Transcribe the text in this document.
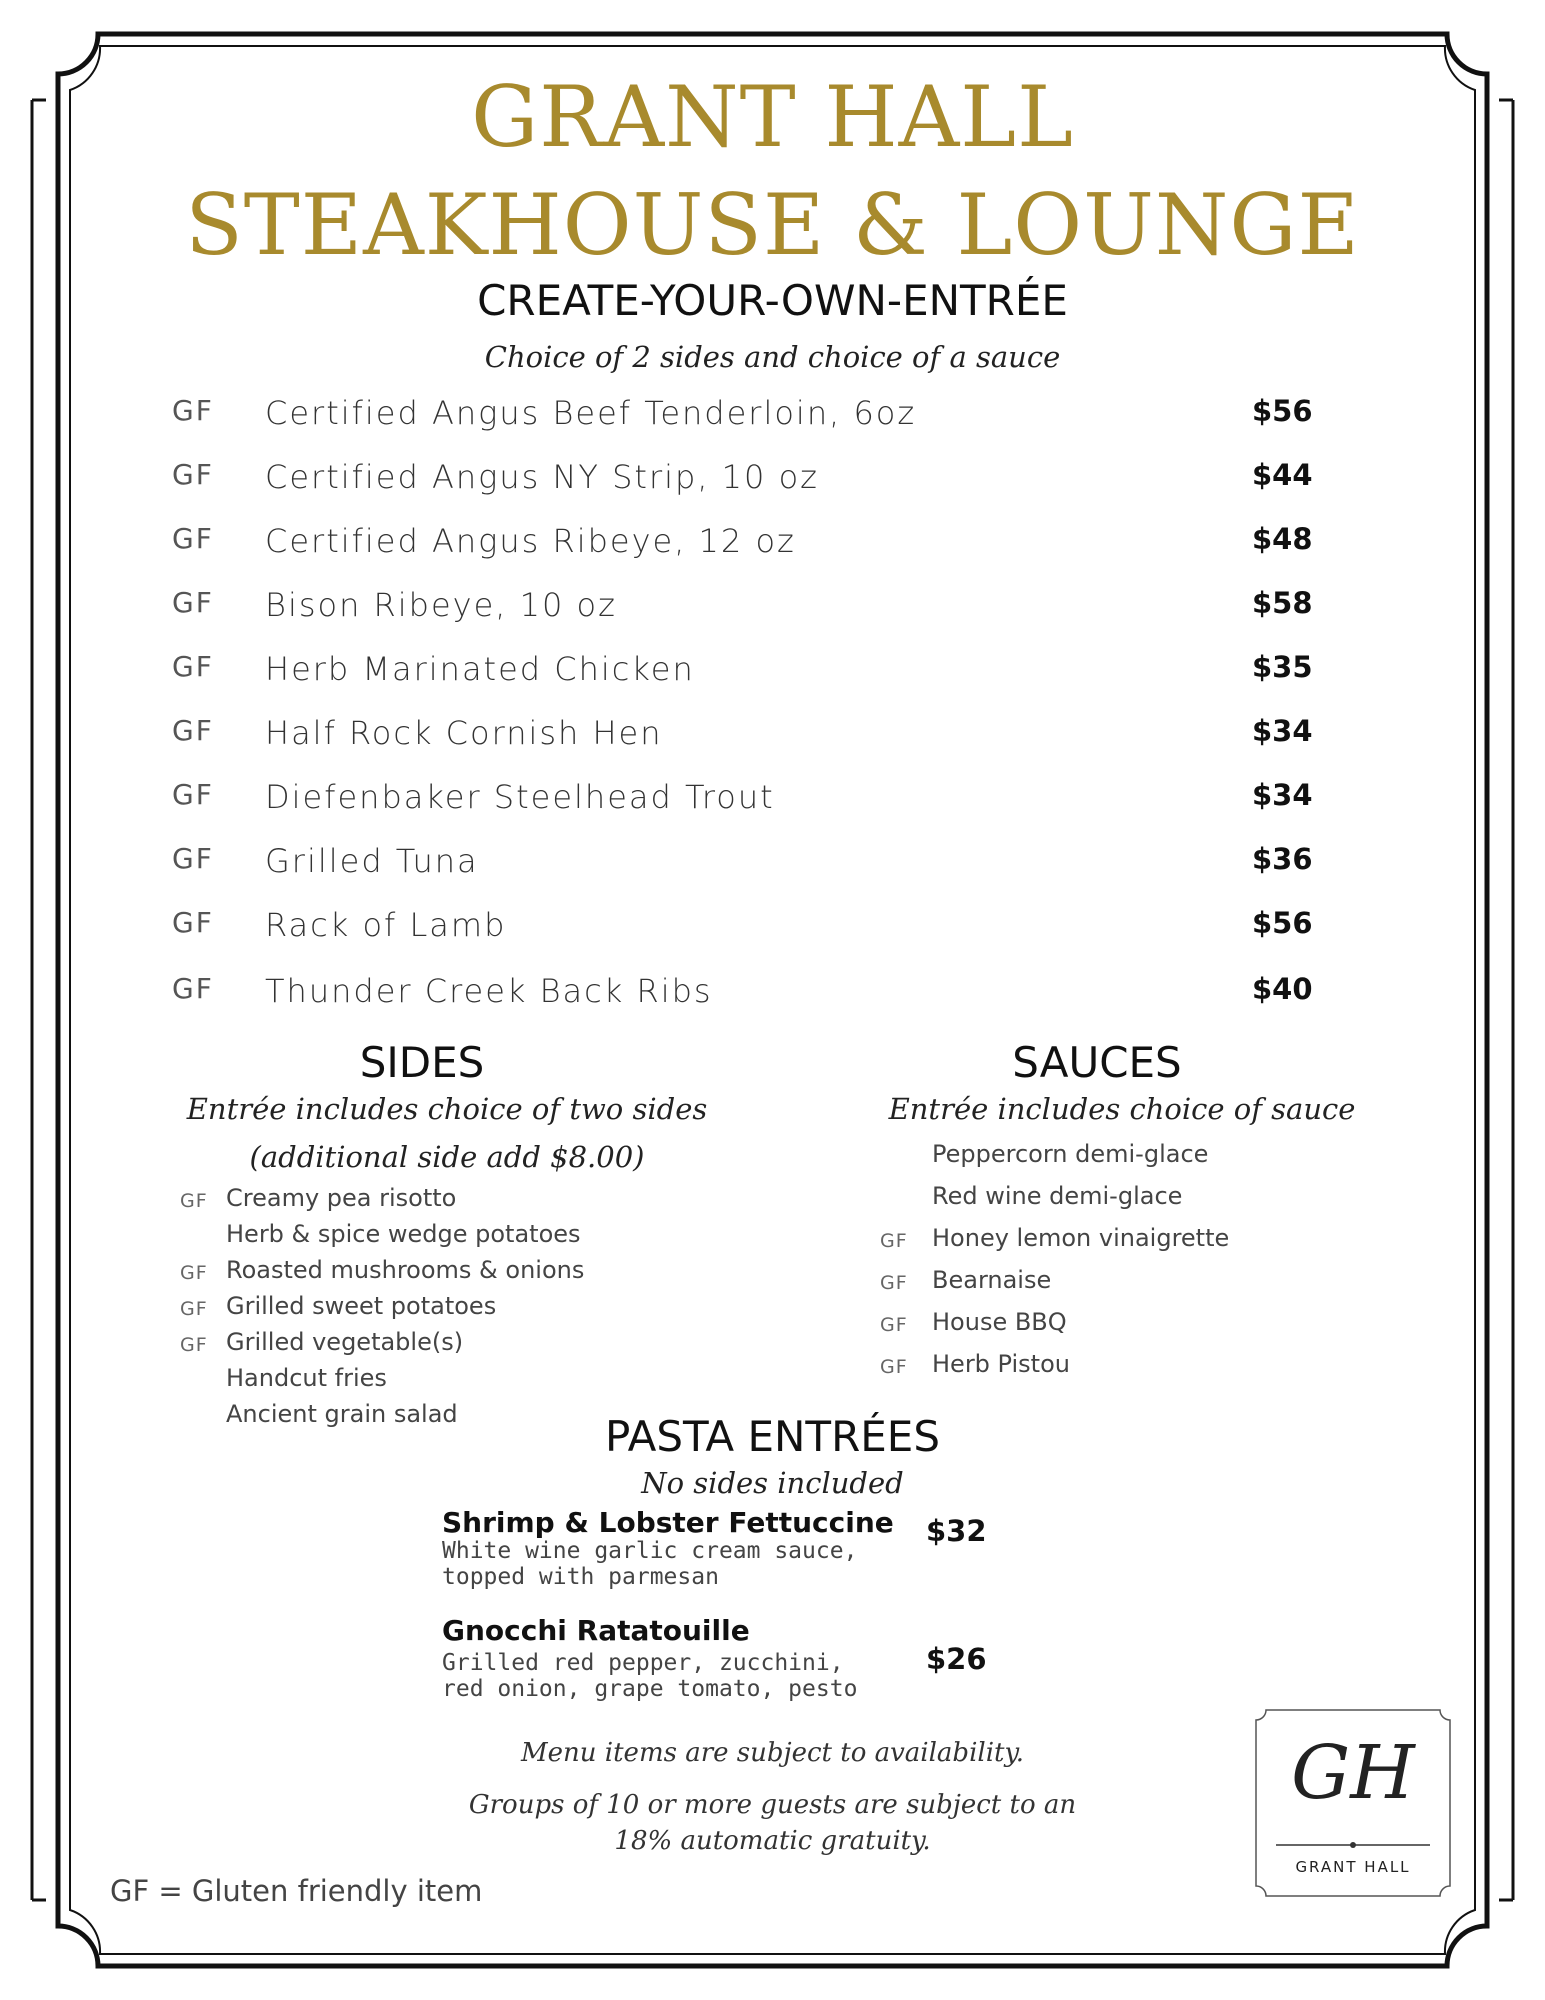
GRANT HALL
STEAKHOUSE & LOUNGE
CREATE-YOUR-OWN-ENTRÉE
Choice of 2 sides and choice of a sauce
GF Certified Angus Beef Tenderloin, 6oz	$56
GF Certified Angus NY Strip, 10 oz	$44
GF Certified Angus Ribeye, 12 oz	$48
GF Bison Ribeye, 10 oz	$58
GF Herb Marinated Chicken	$35
GF Half Rock Cornish Hen	$34
GF Diefenbaker Steelhead Trout	$34
GF Grilled Tuna	$36
GF Rack of Lamb	$56
GF Thunder Creek Back Ribs	$40
SIDES
Entrée includes choice of two sides
(additional side add $8.00)
GF Creamy pea risotto
Herb & spice wedge potatoes
GF Roasted mushrooms & onions
GF Grilled sweet potatoes
GF Grilled vegetable(s)
Handcut fries
Ancient grain salad
SAUCES
Entrée includes choice of sauce
Peppercorn demi-glace
Red wine demi-glace
GF Honey lemon vinaigrette
GF Bearnaise
GF House BBQ
GF Herb Pistou
PASTA ENTRÉES
No sides included
Shrimp & Lobster Fettuccine
White wine garlic cream sauce, topped with parmesan
$32
Gnocchi Ratatouille
Grilled red pepper, zucchini, red onion, grape tomato, pesto
$26
Menu items are subject to availability.
Groups of 10 or more guests are subject to an
18% automatic gratuity.
GF = Gluten friendly item
GH
GRANT HALL
